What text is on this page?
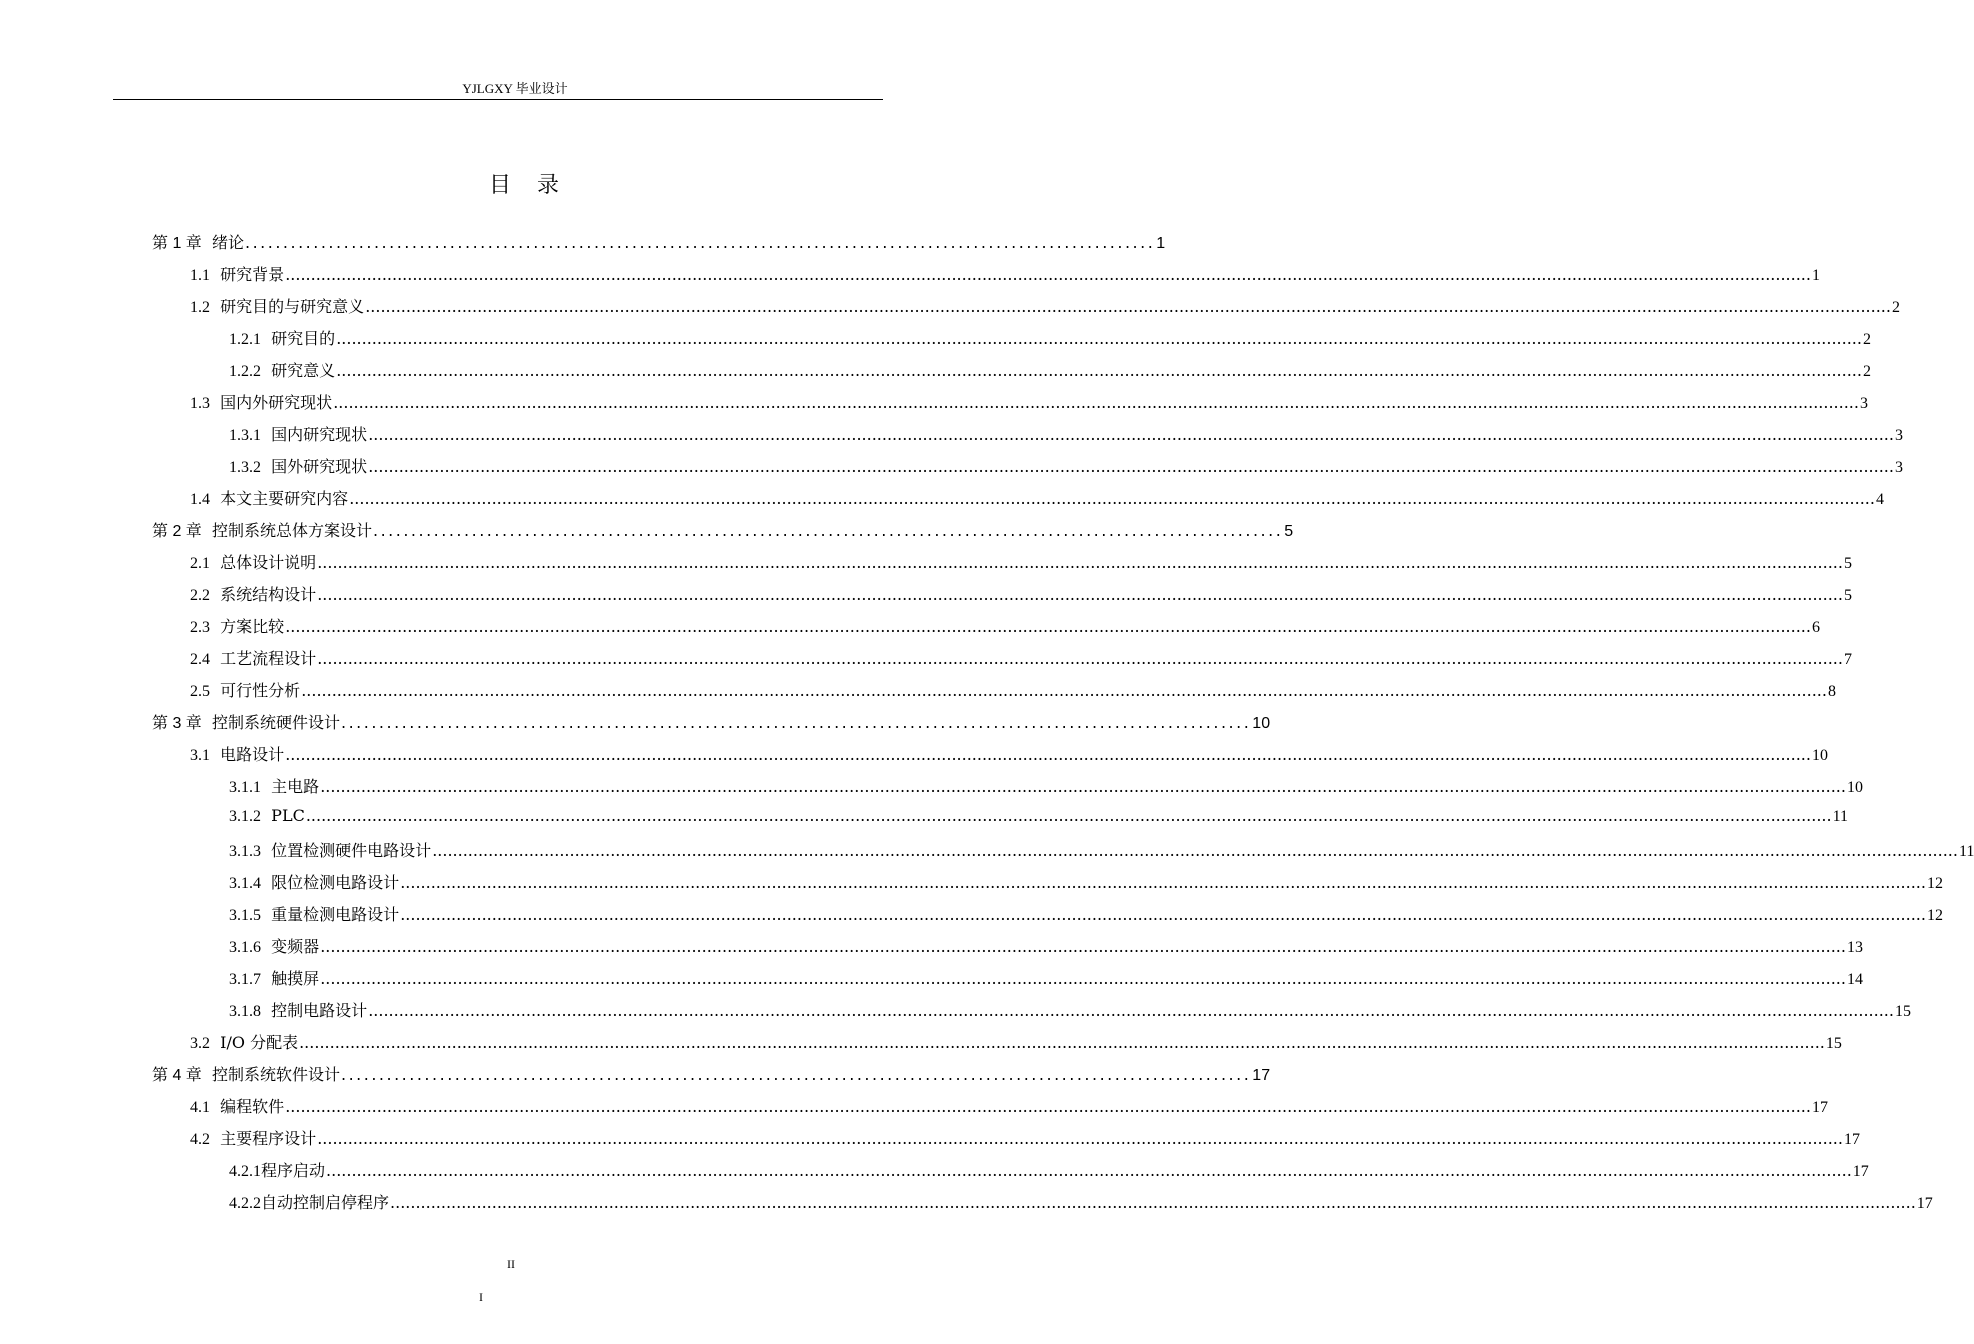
YJLGXY 毕业设计
目 录
第 1 章 绪论 ........................................................................................................................ 1
1.1 研究背景 ............................................................................................................................................................................................................................................................................................................ 1
1.2 研究目的与研究意义 ............................................................................................................................................................................................................................................................................................................ 2
1.2.1 研究目的 ............................................................................................................................................................................................................................................................................................................ 2
1.2.2 研究意义 ............................................................................................................................................................................................................................................................................................................ 2
1.3 国内外研究现状 ............................................................................................................................................................................................................................................................................................................ 3
1.3.1 国内研究现状 ............................................................................................................................................................................................................................................................................................................ 3
1.3.2 国外研究现状 ............................................................................................................................................................................................................................................................................................................ 3
1.4 本文主要研究内容 ............................................................................................................................................................................................................................................................................................................ 4
第 2 章 控制系统总体方案设计 ........................................................................................................................ 5
2.1 总体设计说明 ............................................................................................................................................................................................................................................................................................................ 5
2.2 系统结构设计 ............................................................................................................................................................................................................................................................................................................ 5
2.3 方案比较 ............................................................................................................................................................................................................................................................................................................ 6
2.4 工艺流程设计 ............................................................................................................................................................................................................................................................................................................ 7
2.5 可行性分析 ............................................................................................................................................................................................................................................................................................................ 8
第 3 章 控制系统硬件设计 ........................................................................................................................ 10
3.1 电路设计 ............................................................................................................................................................................................................................................................................................................ 10
3.1.1 主电路 ............................................................................................................................................................................................................................................................................................................ 10
3.1.2 PLC ............................................................................................................................................................................................................................................................................................................ 11
3.1.3 位置检测硬件电路设计 ............................................................................................................................................................................................................................................................................................................ 11
3.1.4 限位检测电路设计 ............................................................................................................................................................................................................................................................................................................ 12
3.1.5 重量检测电路设计 ............................................................................................................................................................................................................................................................................................................ 12
3.1.6 变频器 ............................................................................................................................................................................................................................................................................................................ 13
3.1.7 触摸屏 ............................................................................................................................................................................................................................................................................................................ 14
3.1.8 控制电路设计 ............................................................................................................................................................................................................................................................................................................ 15
3.2 I/O 分配表 ............................................................................................................................................................................................................................................................................................................ 15
第 4 章 控制系统软件设计 ........................................................................................................................ 17
4.1 编程软件 ............................................................................................................................................................................................................................................................................................................ 17
4.2 主要程序设计 ............................................................................................................................................................................................................................................................................................................ 17
4.2.1程序启动 ............................................................................................................................................................................................................................................................................................................ 17
4.2.2自动控制启停程序 ............................................................................................................................................................................................................................................................................................................ 17
II
I
